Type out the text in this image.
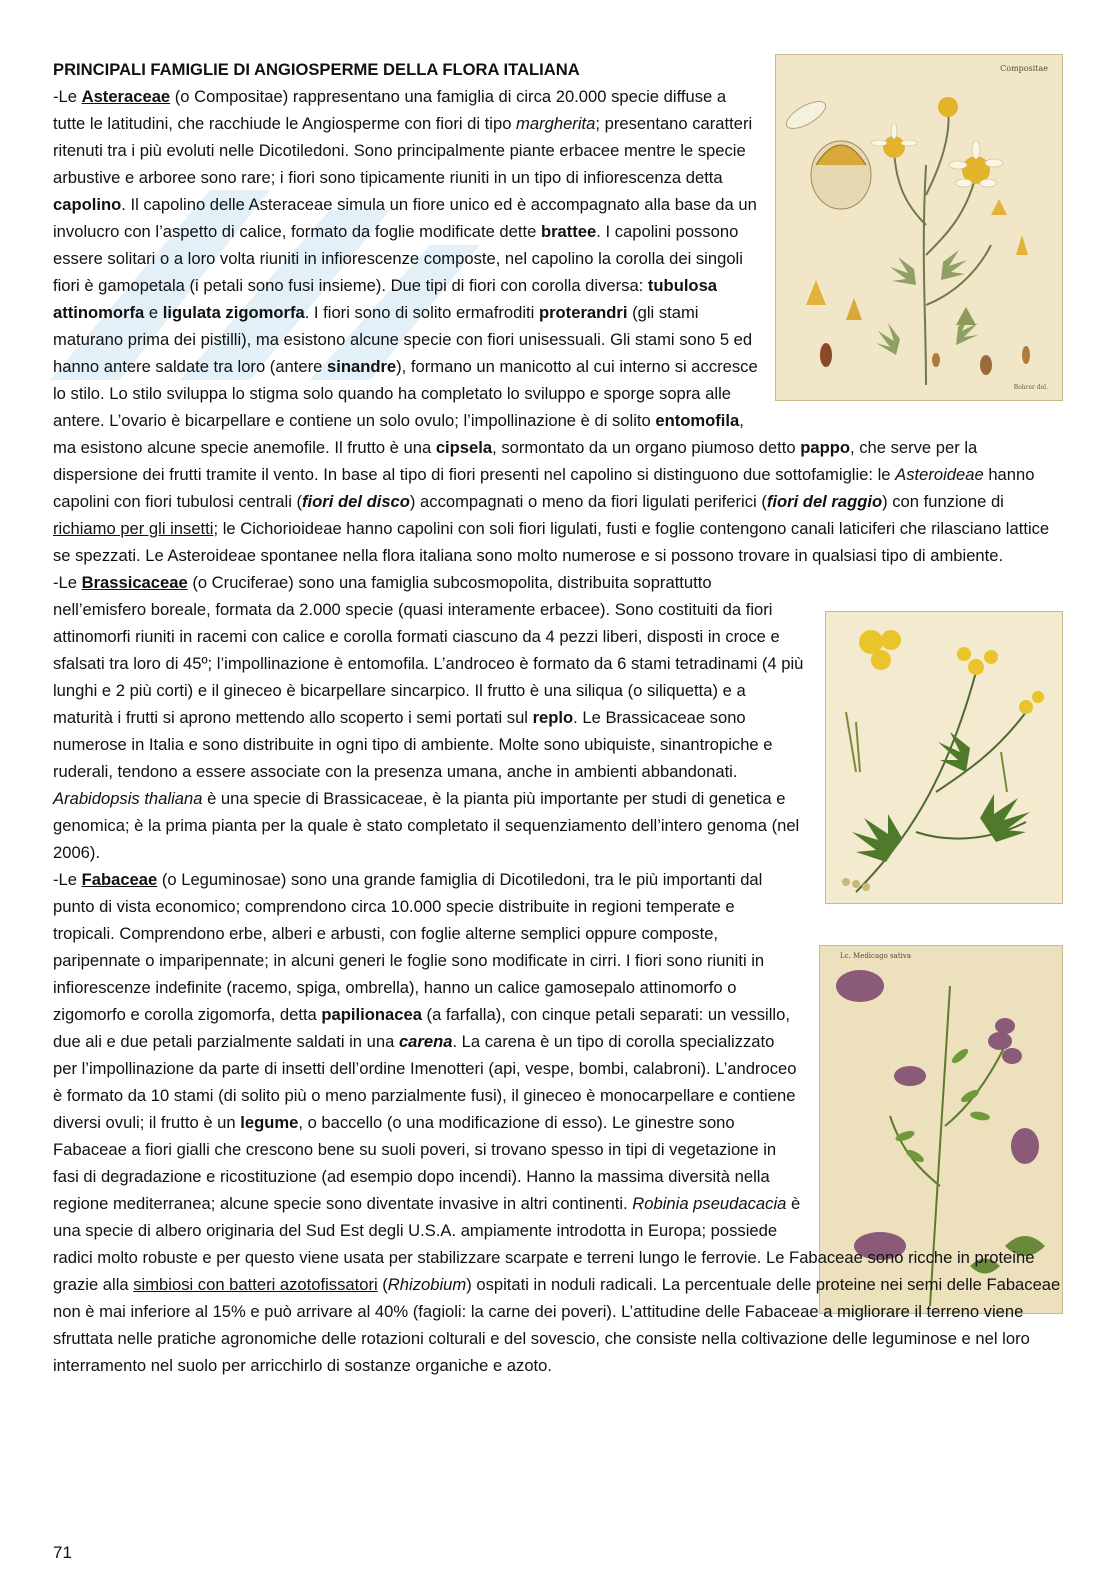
Compositae
Bohrer del.
Lc. Medicago sativa

PRINCIPALI FAMIGLIE DI ANGIOSPERME DELLA FLORA ITALIANA

-Le Asteraceae (o Compositae) rappresentano una famiglia di circa 20.000 specie diffuse a tutte le latitudini, che racchiude le Angiosperme con fiori di tipo margherita; presentano caratteri ritenuti tra i più evoluti nelle Dicotiledoni. Sono principalmente piante erbacee mentre le specie arbustive e arboree sono rare; i fiori sono tipicamente riuniti in un tipo di infiorescenza detta capolino. Il capolino delle Asteraceae simula un fiore unico ed è accompagnato alla base da un involucro con l’aspetto di calice, formato da foglie modificate dette brattee. I capolini possono essere solitari o a loro volta riuniti in infiorescenze composte, nel capolino la corolla dei singoli fiori è gamopetala (i petali sono fusi insieme). Due tipi di fiori con corolla diversa: tubulosa attinomorfa e ligulata zigomorfa. I fiori sono di solito ermafroditi proterandri (gli stami maturano prima dei pistilli), ma esistono alcune specie con fiori unisessuali. Gli stami sono 5 ed hanno antere saldate tra loro (antere sinandre), formano un manicotto al cui interno si accresce lo stilo. Lo stilo sviluppa lo stigma solo quando ha completato lo sviluppo e sporge sopra alle antere. L’ovario è bicarpellare e contiene un solo ovulo; l’impollinazione è di solito entomofila, ma esistono alcune specie anemofile. Il frutto è una cipsela, sormontato da un organo piumoso detto pappo, che serve per la dispersione dei frutti tramite il vento. In base al tipo di fiori presenti nel capolino si distinguono due sottofamiglie: le Asteroideae hanno capolini con fiori tubulosi centrali (fiori del disco) accompagnati o meno da fiori ligulati periferici (fiori del raggio) con funzione di richiamo per gli insetti; le Cichorioideae hanno capolini con soli fiori ligulati, fusti e foglie contengono canali laticiferi che rilasciano lattice se spezzati. Le Asteroideae spontanee nella flora italiana sono molto numerose e si possono trovare in qualsiasi tipo di ambiente.

-Le Brassicaceae (o Cruciferae) sono una famiglia subcosmopolita, distribuita soprattutto nell’emisfero boreale, formata da 2.000 specie (quasi interamente erbacee). Sono costituiti da fiori attinomorfi riuniti in racemi con calice e corolla formati ciascuno da 4 pezzi liberi, disposti in croce e sfalsati tra loro di 45º; l’impollinazione è entomofila. L’androceo è formato da 6 stami tetradinami (4 più lunghi e 2 più corti) e il gineceo è bicarpellare sincarpico. Il frutto è una siliqua (o siliquetta) e a maturità i frutti si aprono mettendo allo scoperto i semi portati sul replo. Le Brassicaceae sono numerose in Italia e sono distribuite in ogni tipo di ambiente. Molte sono ubiquiste, sinantropiche e ruderali, tendono a essere associate con la presenza umana, anche in ambienti abbandonati. Arabidopsis thaliana è una specie di Brassicaceae, è la pianta più importante per studi di genetica e genomica; è la prima pianta per la quale è stato completato il sequenziamento dell’intero genoma (nel 2006).

-Le Fabaceae (o Leguminosae) sono una grande famiglia di Dicotiledoni, tra le più importanti dal punto di vista economico; comprendono circa 10.000 specie distribuite in regioni temperate e tropicali. Comprendono erbe, alberi e arbusti, con foglie alterne semplici oppure composte, paripennate o imparipennate; in alcuni generi le foglie sono modificate in cirri. I fiori sono riuniti in infiorescenze indefinite (racemo, spiga, ombrella), hanno un calice gamosepalo attinomorfo o zigomorfo e corolla zigomorfa, detta papilionacea (a farfalla), con cinque petali separati: un vessillo, due ali e due petali parzialmente saldati in una carena. La carena è un tipo di corolla specializzato per l’impollinazione da parte di insetti dell’ordine Imenotteri (api, vespe, bombi, calabroni). L’androceo è formato da 10 stami (di solito più o meno parzialmente fusi), il gineceo è monocarpellare e contiene diversi ovuli; il frutto è un legume, o baccello (o una modificazione di esso). Le ginestre sono Fabaceae a fiori gialli che crescono bene su suoli poveri, si trovano spesso in tipi di vegetazione in fasi di degradazione e ricostituzione (ad esempio dopo incendi). Hanno la massima diversità nella regione mediterranea; alcune specie sono diventate invasive in altri continenti. Robinia pseudacacia è una specie di albero originaria del Sud Est degli U.S.A. ampiamente introdotta in Europa; possiede radici molto robuste e per questo viene usata per stabilizzare scarpate e terreni lungo le ferrovie. Le Fabaceae sono ricche in proteine grazie alla simbiosi con batteri azotofissatori (Rhizobium) ospitati in noduli radicali. La percentuale delle proteine nei semi delle Fabaceae non è mai inferiore al 15% e può arrivare al 40% (fagioli: la carne dei poveri). L’attitudine delle Fabaceae a migliorare il terreno viene sfruttata nelle pratiche agronomiche delle rotazioni colturali e del sovescio, che consiste nella coltivazione delle leguminose e nel loro interramento nel suolo per arricchirlo di sostanze organiche e azoto.

71
